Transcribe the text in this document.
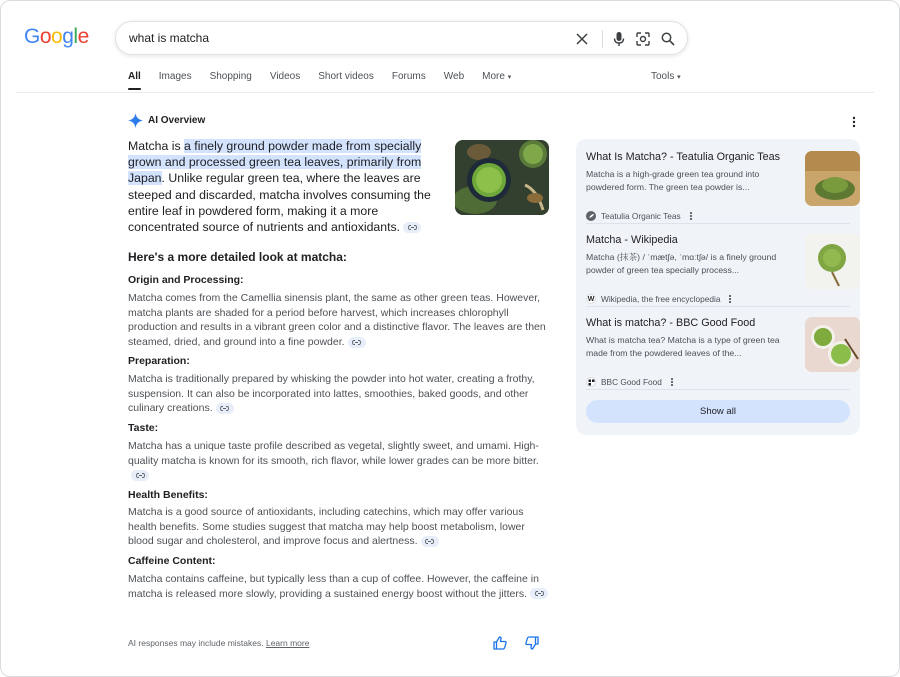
Google
what is matcha
All Images Shopping Videos Short videos Forums Web More ▾	Tools ▾
AI Overview
Matcha is a finely ground powder made from specially grown and processed green tea leaves, primarily from Japan. Unlike regular green tea, where the leaves are steeped and discarded, matcha involves consuming the entire leaf in powdered form, making it a more concentrated source of nutrients and antioxidants.
Here's a more detailed look at matcha:
Origin and Processing:
Matcha comes from the Camellia sinensis plant, the same as other green teas. However, matcha plants are shaded for a period before harvest, which increases chlorophyll production and results in a vibrant green color and a distinctive flavor. The leaves are then steamed, dried, and ground into a fine powder.
Preparation:
Matcha is traditionally prepared by whisking the powder into hot water, creating a frothy, suspension. It can also be incorporated into lattes, smoothies, baked goods, and other culinary creations.
Taste:
Matcha has a unique taste profile described as vegetal, slightly sweet, and umami. High-quality matcha is known for its smooth, rich flavor, while lower grades can be more bitter.
Health Benefits:
Matcha is a good source of antioxidants, including catechins, which may offer various health benefits. Some studies suggest that matcha may help boost metabolism, lower blood sugar and cholesterol, and improve focus and alertness.
Caffeine Content:
Matcha contains caffeine, but typically less than a cup of coffee. However, the caffeine in matcha is released more slowly, providing a sustained energy boost without the jitters.
AI responses may include mistakes. Learn more
What Is Matcha? - Teatulia Organic Teas
Matcha is a high-grade green tea ground into powdered form. The green tea powder is...
Teatulia Organic Teas
Matcha - Wikipedia
Matcha (抹茶) / ˈmætʃə, ˈmɑːtʃə/ is a finely ground powder of green tea specially process...
W Wikipedia, the free encyclopedia
What is matcha? - BBC Good Food
What is matcha tea? Matcha is a type of green tea made from the powdered leaves of the...
BBC Good Food
Show all
